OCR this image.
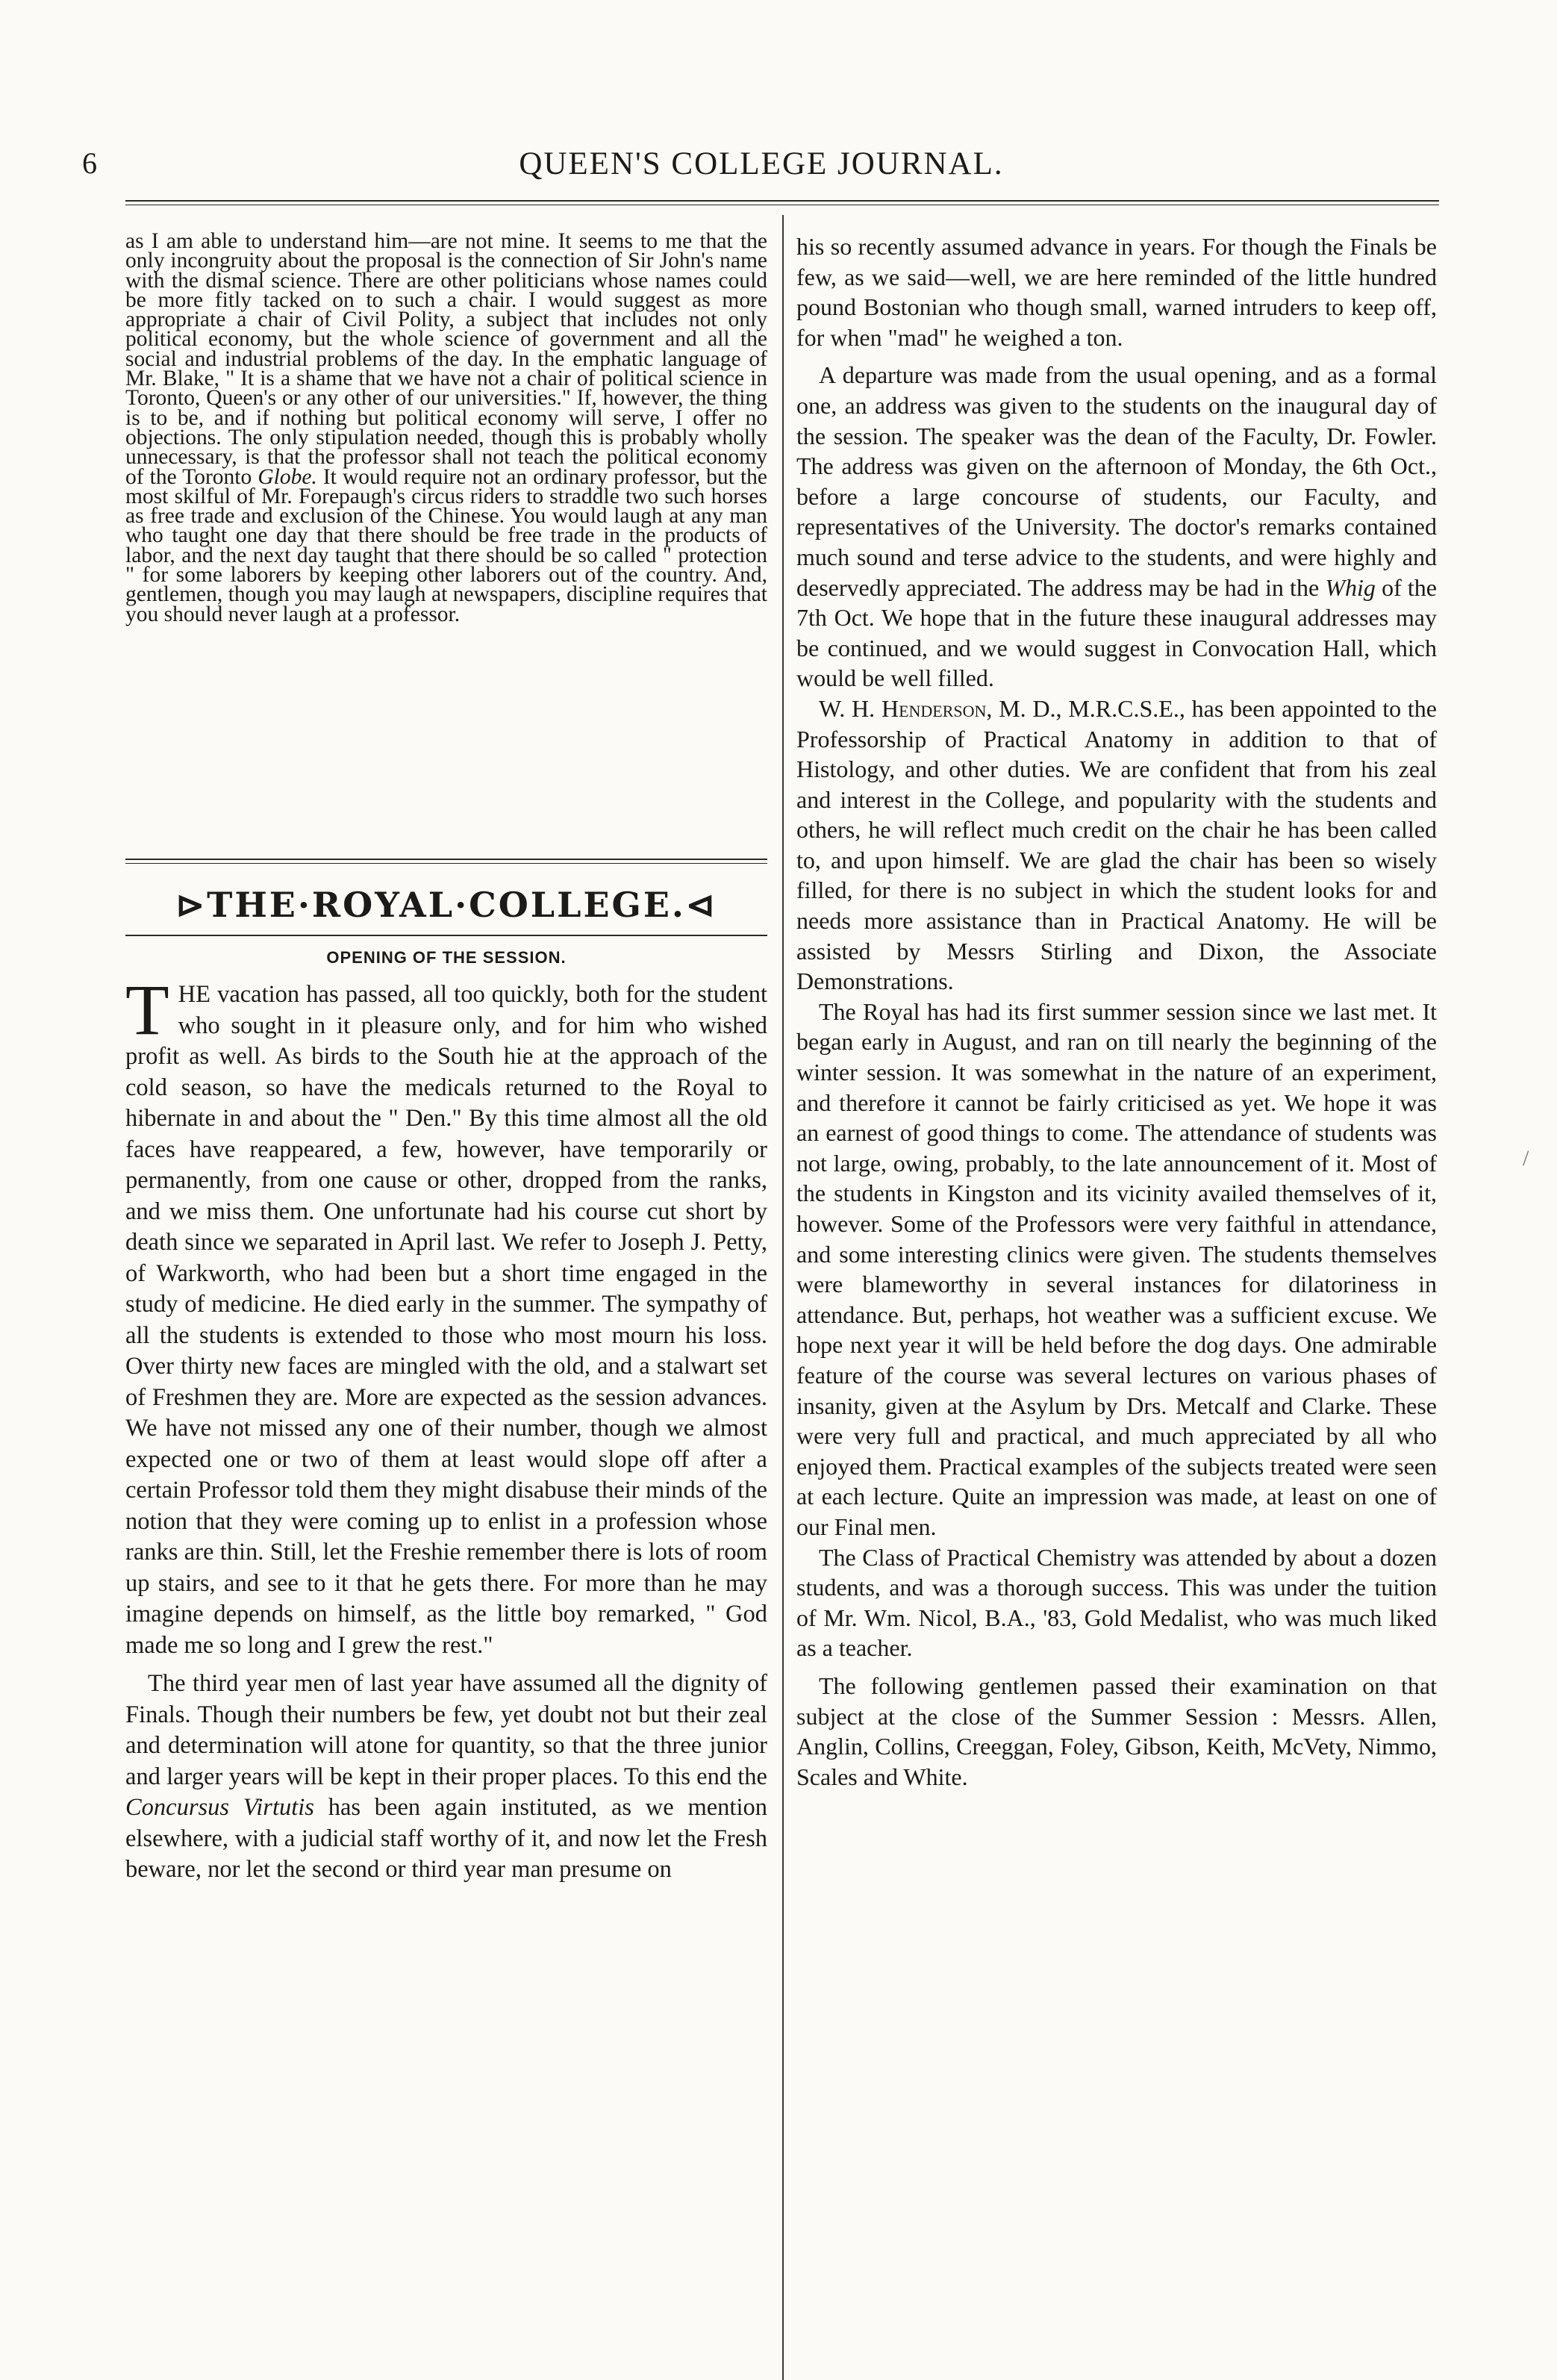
6	QUEEN'S COLLEGE JOURNAL.

as I am able to understand him—are not mine. It seems to me that the only incongruity about the proposal is the connection of Sir John's name with the dismal science. There are other politicians whose names could be more fitly tacked on to such a chair. I would suggest as more appropriate a chair of Civil Polity, a subject that includes not only political economy, but the whole science of government and all the social and industrial problems of the day. In the emphatic language of Mr. Blake, " It is a shame that we have not a chair of political science in Toronto, Queen's or any other of our universities." If, however, the thing is to be, and if nothing but political economy will serve, I offer no objections. The only stipulation needed, though this is probably wholly unnecessary, is that the professor shall not teach the political economy of the Toronto Globe. It would require not an ordinary professor, but the most skilful of Mr. Forepaugh's circus riders to straddle two such horses as free trade and exclusion of the Chinese. You would laugh at any man who taught one day that there should be free trade in the products of labor, and the next day taught that there should be so called " protection " for some laborers by keeping other laborers out of the country. And, gentlemen, though you may laugh at newspapers, discipline requires that you should never laugh at a professor.

⊳THE·ROYAL·COLLEGE.⊲
OPENING OF THE SESSION.

THE vacation has passed, all too quickly, both for the student who sought in it pleasure only, and for him who wished profit as well. As birds to the South hie at the approach of the cold season, so have the medicals returned to the Royal to hibernate in and about the " Den." By this time almost all the old faces have reappeared, a few, however, have temporarily or permanently, from one cause or other, dropped from the ranks, and we miss them. One unfortunate had his course cut short by death since we separated in April last. We refer to Joseph J. Petty, of Warkworth, who had been but a short time engaged in the study of medicine. He died early in the summer. The sympathy of all the students is extended to those who most mourn his loss. Over thirty new faces are mingled with the old, and a stalwart set of Freshmen they are. More are expected as the session advances. We have not missed any one of their number, though we almost expected one or two of them at least would slope off after a certain Professor told them they might disabuse their minds of the notion that they were coming up to enlist in a profession whose ranks are thin. Still, let the Freshie remember there is lots of room up stairs, and see to it that he gets there. For more than he may imagine depends on himself, as the little boy remarked, " God made me so long and I grew the rest."

The third year men of last year have assumed all the dignity of Finals. Though their numbers be few, yet doubt not but their zeal and determination will atone for quantity, so that the three junior and larger years will be kept in their proper places. To this end the Concursus Virtutis has been again instituted, as we mention elsewhere, with a judicial staff worthy of it, and now let the Fresh beware, nor let the second or third year man presume on

his so recently assumed advance in years. For though the Finals be few, as we said—well, we are here reminded of the little hundred pound Bostonian who though small, warned intruders to keep off, for when "mad" he weighed a ton.

A departure was made from the usual opening, and as a formal one, an address was given to the students on the inaugural day of the session. The speaker was the dean of the Faculty, Dr. Fowler. The address was given on the afternoon of Monday, the 6th Oct., before a large concourse of students, our Faculty, and representatives of the University. The doctor's remarks contained much sound and terse advice to the students, and were highly and deservedly appreciated. The address may be had in the Whig of the 7th Oct. We hope that in the future these inaugural addresses may be continued, and we would suggest in Convocation Hall, which would be well filled.

W. H. Henderson, M. D., M.R.C.S.E., has been appointed to the Professorship of Practical Anatomy in addition to that of Histology, and other duties. We are confident that from his zeal and interest in the College, and popularity with the students and others, he will reflect much credit on the chair he has been called to, and upon himself. We are glad the chair has been so wisely filled, for there is no subject in which the student looks for and needs more assistance than in Practical Anatomy. He will be assisted by Messrs Stirling and Dixon, the Associate Demonstrations.

The Royal has had its first summer session since we last met. It began early in August, and ran on till nearly the beginning of the winter session. It was somewhat in the nature of an experiment, and therefore it cannot be fairly criticised as yet. We hope it was an earnest of good things to come. The attendance of students was not large, owing, probably, to the late announcement of it. Most of the students in Kingston and its vicinity availed themselves of it, however. Some of the Professors were very faithful in attendance, and some interesting clinics were given. The students themselves were blameworthy in several instances for dilatoriness in attendance. But, perhaps, hot weather was a sufficient excuse. We hope next year it will be held before the dog days. One admirable feature of the course was several lectures on various phases of insanity, given at the Asylum by Drs. Metcalf and Clarke. These were very full and practical, and much appreciated by all who enjoyed them. Practical examples of the subjects treated were seen at each lecture. Quite an impression was made, at least on one of our Final men.

The Class of Practical Chemistry was attended by about a dozen students, and was a thorough success. This was under the tuition of Mr. Wm. Nicol, B.A., '83, Gold Medalist, who was much liked as a teacher.

The following gentlemen passed their examination on that subject at the close of the Summer Session : Messrs. Allen, Anglin, Collins, Creeggan, Foley, Gibson, Keith, McVety, Nimmo, Scales and White.

/
